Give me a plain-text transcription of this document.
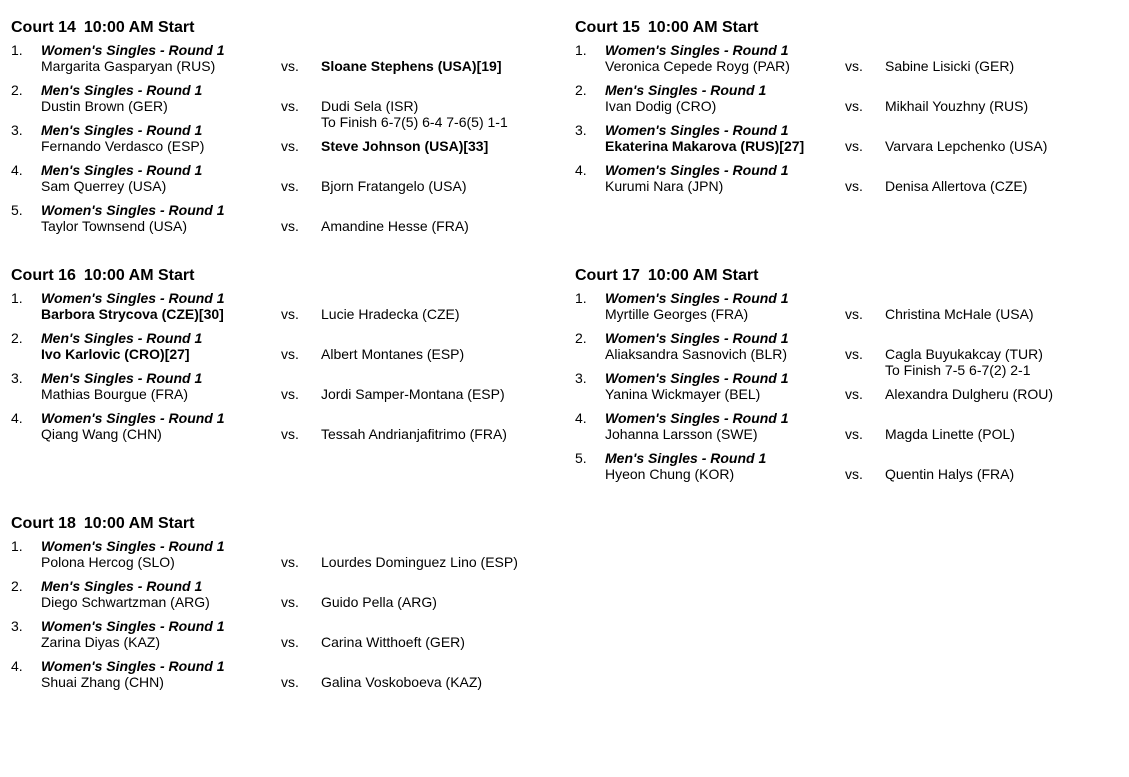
Court 14 10:00 AM Start
1. Women's Singles - Round 1
Margarita Gasparyan (RUS)	vs. Sloane Stephens (USA)[19]
2. Men's Singles - Round 1
Dustin Brown (GER)	vs. Dudi Sela (ISR)
To Finish 6-7(5) 6-4 7-6(5) 1-1
3. Men's Singles - Round 1
Fernando Verdasco (ESP)	vs. Steve Johnson (USA)[33]
4. Men's Singles - Round 1
Sam Querrey (USA)	vs. Bjorn Fratangelo (USA)
5. Women's Singles - Round 1
Taylor Townsend (USA)	vs. Amandine Hesse (FRA)
Court 15 10:00 AM Start
1. Women's Singles - Round 1
Veronica Cepede Royg (PAR)	vs. Sabine Lisicki (GER)
2. Men's Singles - Round 1
Ivan Dodig (CRO)	vs. Mikhail Youzhny (RUS)
3. Women's Singles - Round 1
Ekaterina Makarova (RUS)[27]	vs. Varvara Lepchenko (USA)
4. Women's Singles - Round 1
Kurumi Nara (JPN)	vs. Denisa Allertova (CZE)
Court 16 10:00 AM Start
1. Women's Singles - Round 1
Barbora Strycova (CZE)[30]	vs. Lucie Hradecka (CZE)
2. Men's Singles - Round 1
Ivo Karlovic (CRO)[27]	vs. Albert Montanes (ESP)
3. Men's Singles - Round 1
Mathias Bourgue (FRA)	vs. Jordi Samper-Montana (ESP)
4. Women's Singles - Round 1
Qiang Wang (CHN)	vs. Tessah Andrianjafitrimo (FRA)
Court 17 10:00 AM Start
1. Women's Singles - Round 1
Myrtille Georges (FRA)	vs. Christina McHale (USA)
2. Women's Singles - Round 1
Aliaksandra Sasnovich (BLR)	vs. Cagla Buyukakcay (TUR)
To Finish 7-5 6-7(2) 2-1
3. Women's Singles - Round 1
Yanina Wickmayer (BEL)	vs. Alexandra Dulgheru (ROU)
4. Women's Singles - Round 1
Johanna Larsson (SWE)	vs. Magda Linette (POL)
5. Men's Singles - Round 1
Hyeon Chung (KOR)	vs. Quentin Halys (FRA)
Court 18 10:00 AM Start
1. Women's Singles - Round 1
Polona Hercog (SLO)	vs. Lourdes Dominguez Lino (ESP)
2. Men's Singles - Round 1
Diego Schwartzman (ARG)	vs. Guido Pella (ARG)
3. Women's Singles - Round 1
Zarina Diyas (KAZ)	vs. Carina Witthoeft (GER)
4. Women's Singles - Round 1
Shuai Zhang (CHN)	vs. Galina Voskoboeva (KAZ)
